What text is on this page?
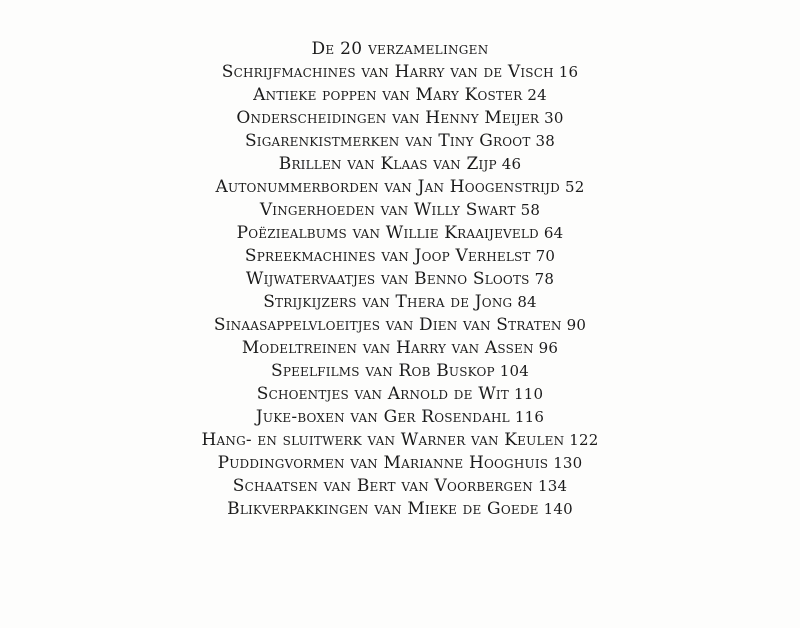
De 20 verzamelingen
Schrijfmachines van Harry van de Visch 16
Antieke poppen van Mary Koster 24
Onderscheidingen van Henny Meijer 30
Sigarenkistmerken van Tiny Groot 38
Brillen van Klaas van Zijp 46
Autonummerborden van Jan Hoogenstrijd 52
Vingerhoeden van Willy Swart 58
Poëziealbums van Willie Kraaijeveld 64
Spreekmachines van Joop Verhelst 70
Wijwatervaatjes van Benno Sloots 78
Strijkijzers van Thera de Jong 84
Sinaasappelvloeitjes van Dien van Straten 90
Modeltreinen van Harry van Assen 96
Speelfilms van Rob Buskop 104
Schoentjes van Arnold de Wit 110
Juke-boxen van Ger Rosendahl 116
Hang- en sluitwerk van Warner van Keulen 122
Puddingvormen van Marianne Hooghuis 130
Schaatsen van Bert van Voorbergen 134
Blikverpakkingen van Mieke de Goede 140
